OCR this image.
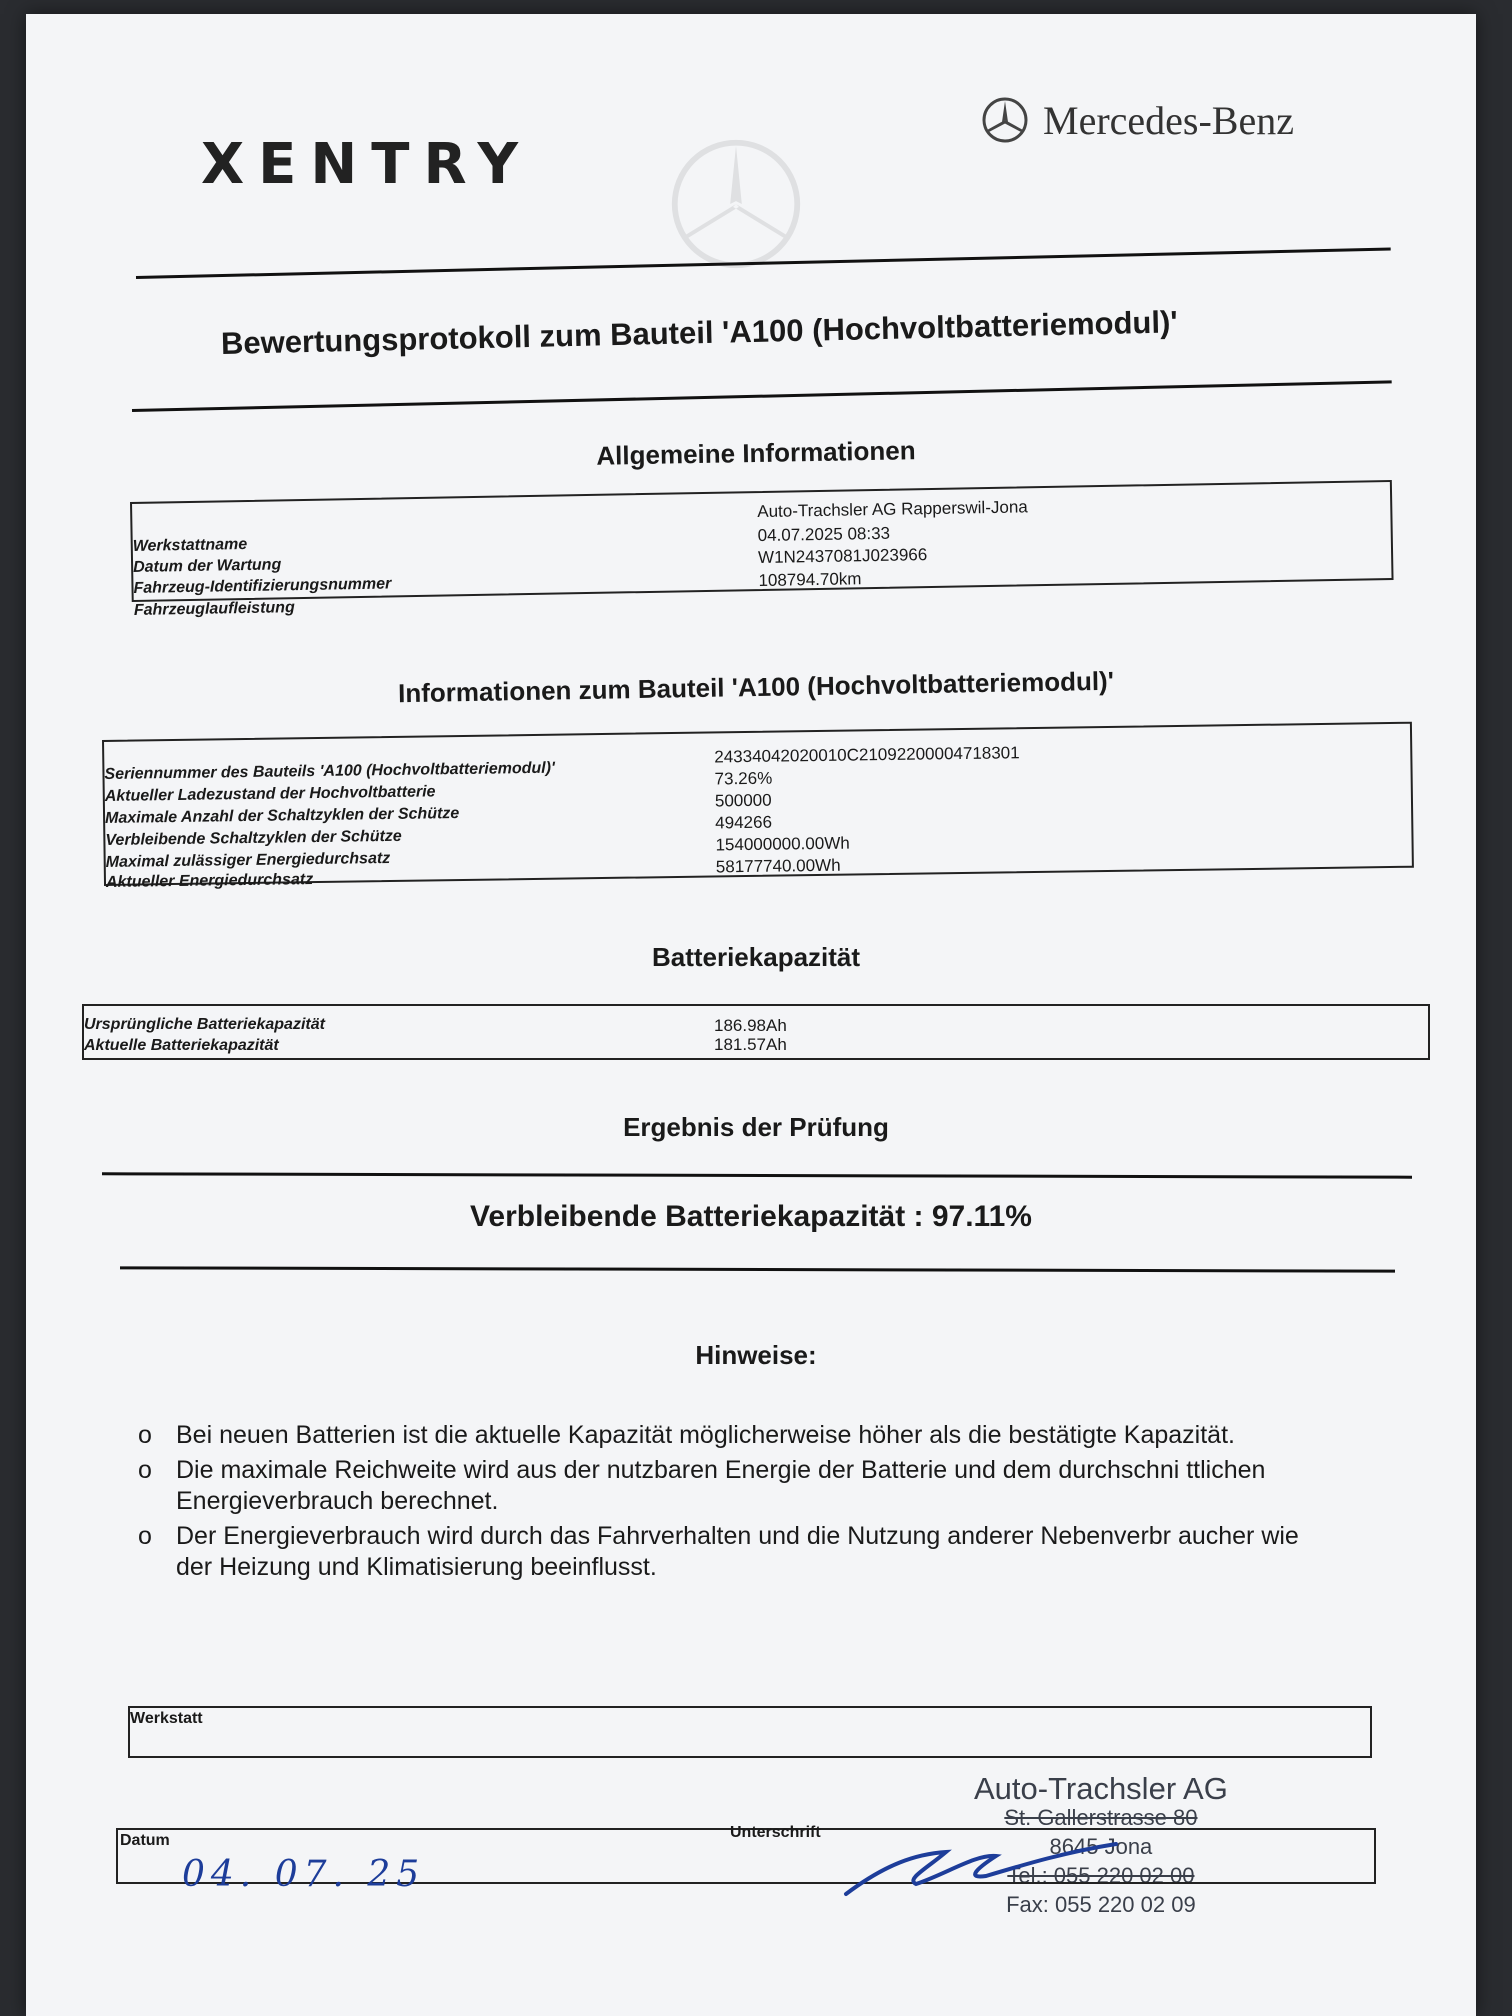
XENTRY
Mercedes-Benz
Bewertungsprotokoll zum Bauteil 'A100 (Hochvoltbatteriemodul)'
Allgemeine Informationen
Werkstattname
Auto-Trachsler AG Rapperswil-Jona
Datum der Wartung
04.07.2025 08:33
Fahrzeug-Identifizierungsnummer
W1N2437081J023966
Fahrzeuglaufleistung
108794.70km
Informationen zum Bauteil 'A100 (Hochvoltbatteriemodul)'
Seriennummer des Bauteils 'A100 (Hochvoltbatteriemodul)'
24334042020010C21092200004718301
Aktueller Ladezustand der Hochvoltbatterie
73.26%
Maximale Anzahl der Schaltzyklen der Schütze
500000
Verbleibende Schaltzyklen der Schütze
494266
Maximal zulässiger Energiedurchsatz
154000000.00Wh
Aktueller Energiedurchsatz
58177740.00Wh
Batteriekapazität
Ursprüngliche Batteriekapazität	186.98Ah
Aktuelle Batteriekapazität	181.57Ah
Ergebnis der Prüfung
Verbleibende Batteriekapazität : 97.11%
Hinweise:
o Bei neuen Batterien ist die aktuelle Kapazität möglicherweise höher als die bestätigte Kapazität.
o Die maximale Reichweite wird aus der nutzbaren Energie der Batterie und dem durchschni ttlichen Energieverbrauch berechnet.
o Der Energieverbrauch wird durch das Fahrverhalten und die Nutzung anderer Nebenverbr aucher wie der Heizung und Klimatisierung beeinflusst.
Werkstatt
Auto-Trachsler AG
St. Gallerstrasse 80
8645 Jona
Tel.: 055 220 02 00
Fax: 055 220 02 09
Datum	Unterschrift
04. 07. 25
